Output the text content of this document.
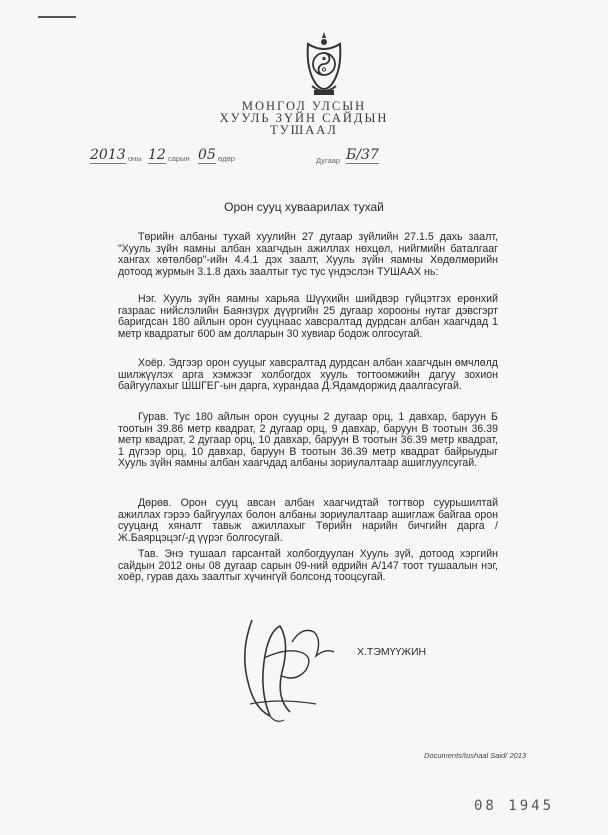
МОНГОЛ УЛСЫН
ХУУЛЬ ЗҮЙН САЙДЫН
ТУШААЛ
2013 оны 12 сарын 05 өдөр	Дугаар Б/37
Орон сууц хуваарилах тухай

Төрийн албаны тухай хуулийн 27 дугаар зүйлийн 27.1.5 дахь заалт, "Хууль зүйн яамны албан хаагчдын ажиллах нөхцөл, нийгмийн баталгааг хангах хөтөлбөр"-ийн 4.4.1 дэх заалт, Хууль зүйн яамны Хөдөлмөрийн дотоод журмын 3.1.8 дахь заалтыг тус тус үндэслэн ТУШААХ нь:

Нэг. Хууль зүйн яамны харьяа Шүүхийн шийдвэр гүйцэтгэх ерөнхий газраас нийслэлийн Баянзүрх дүүргийн 25 дугаар хорооны нутаг дэвсгэрт баригдсан 180 айлын орон сууцнаас хавсралтад дурдсан албан хаагчдад 1 метр квадратыг 600 ам долларын 30 хувиар бодож олгосугай.

Хоёр. Эдгээр орон сууцыг хавсралтад дурдсан албан хаагчдын өмчлөлд шилжүүлэх арга хэмжээг холбогдох хууль тогтоомжийн дагуу зохион байгуулахыг ШШГЕГ-ын дарга, хурандаа Д.Ядамдоржид даалгасугай.

Гурав. Тус 180 айлын орон сууцны 2 дугаар орц, 1 давхар, баруун Б тоотын 39.86 метр квадрат, 2 дугаар орц, 9 давхар, баруун В тоотын 36.39 метр квадрат, 2 дугаар орц, 10 давхар, баруун В тоотын 36.39 метр квадрат, 1 дүгээр орц, 10 давхар, баруун В тоотын 36.39 метр квадрат байрыудыг Хууль зүйн яамны албан хаагчдад албаны зориулалтаар ашиглуулсугай.

Дөрөв. Орон сууц авсан албан хаагчидтай тогтвор суурьшилтай ажиллах гэрээ байгуулах болон албаны зориулалтаар ашиглаж байгаа орон сууцанд хяналт тавьж ажиллахыг Төрийн нарийн бичгийн дарга /Ж.Баярцэцэг/-д үүрэг болгосугай.

Тав. Энэ тушаал гарсантай холбогдуулан Хууль зүй, дотоод хэргийн сайдын 2012 оны 08 дугаар сарын 09-ний өдрийн А/147 тоот тушаалын нэг, хоёр, гурав дахь заалтыг хүчингүй болсонд тооцсугай.

Х.ТЭМҮҮЖИН
Documents/tushaal Said/ 2013
08 1945
